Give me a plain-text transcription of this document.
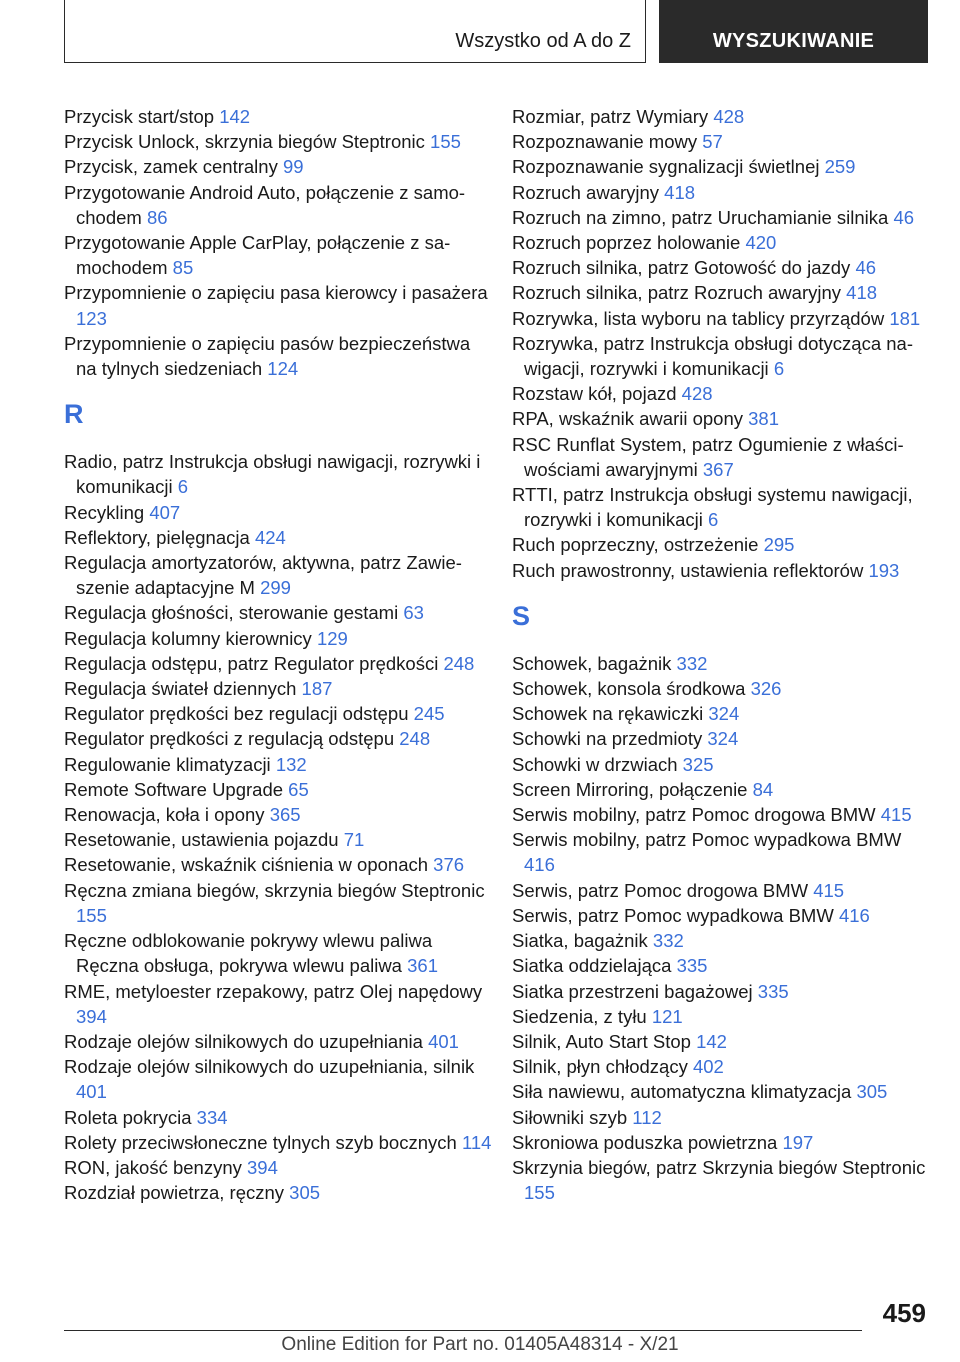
Wszystko od A do Z	WYSZUKIWANIE
Przycisk start/stop 142
Przycisk Unlock, skrzynia biegów Steptronic 155
Przycisk, zamek centralny 99
Przygotowanie Android Auto, połączenie z samochodem 86
Przygotowanie Apple CarPlay, połączenie z samochodem 85
Przypomnienie o zapięciu pasa kierowcy i pasażera 123
Przypomnienie o zapięciu pasów bezpieczeństwa na tylnych siedzeniach 124
R
Radio, patrz Instrukcja obsługi nawigacji, rozrywki i komunikacji 6
Recykling 407
Reflektory, pielęgnacja 424
Regulacja amortyzatorów, aktywna, patrz Zawieszenie adaptacyjne M 299
Regulacja głośności, sterowanie gestami 63
Regulacja kolumny kierownicy 129
Regulacja odstępu, patrz Regulator prędkości 248
Regulacja świateł dziennych 187
Regulator prędkości bez regulacji odstępu 245
Regulator prędkości z regulacją odstępu 248
Regulowanie klimatyzacji 132
Remote Software Upgrade 65
Renowacja, koła i opony 365
Resetowanie, ustawienia pojazdu 71
Resetowanie, wskaźnik ciśnienia w oponach 376
Ręczna zmiana biegów, skrzynia biegów Steptronic 155
Ręczne odblokowanie pokrywy wlewu paliwa Ręczna obsługa, pokrywa wlewu paliwa 361
RME, metyloester rzepakowy, patrz Olej napędowy 394
Rodzaje olejów silnikowych do uzupełniania 401
Rodzaje olejów silnikowych do uzupełniania, silnik 401
Roleta pokrycia 334
Rolety przeciwsłoneczne tylnych szyb bocznych 114
RON, jakość benzyny 394
Rozdział powietrza, ręczny 305
Rozmiar, patrz Wymiary 428
Rozpoznawanie mowy 57
Rozpoznawanie sygnalizacji świetlnej 259
Rozruch awaryjny 418
Rozruch na zimno, patrz Uruchamianie silnika 46
Rozruch poprzez holowanie 420
Rozruch silnika, patrz Gotowość do jazdy 46
Rozruch silnika, patrz Rozruch awaryjny 418
Rozrywka, lista wyboru na tablicy przyrządów 181
Rozrywka, patrz Instrukcja obsługi dotycząca nawigacji, rozrywki i komunikacji 6
Rozstaw kół, pojazd 428
RPA, wskaźnik awarii opony 381
RSC Runflat System, patrz Ogumienie z właściwościami awaryjnymi 367
RTTI, patrz Instrukcja obsługi systemu nawigacji, rozrywki i komunikacji 6
Ruch poprzeczny, ostrzeżenie 295
Ruch prawostronny, ustawienia reflektorów 193
S
Schowek, bagażnik 332
Schowek, konsola środkowa 326
Schowek na rękawiczki 324
Schowki na przedmioty 324
Schowki w drzwiach 325
Screen Mirroring, połączenie 84
Serwis mobilny, patrz Pomoc drogowa BMW 415
Serwis mobilny, patrz Pomoc wypadkowa BMW 416
Serwis, patrz Pomoc drogowa BMW 415
Serwis, patrz Pomoc wypadkowa BMW 416
Siatka, bagażnik 332
Siatka oddzielająca 335
Siatka przestrzeni bagażowej 335
Siedzenia, z tyłu 121
Silnik, Auto Start Stop 142
Silnik, płyn chłodzący 402
Siła nawiewu, automatyczna klimatyzacja 305
Siłowniki szyb 112
Skroniowa poduszka powietrzna 197
Skrzynia biegów, patrz Skrzynia biegów Steptronic 155
459
Online Edition for Part no. 01405A48314 - X/21
